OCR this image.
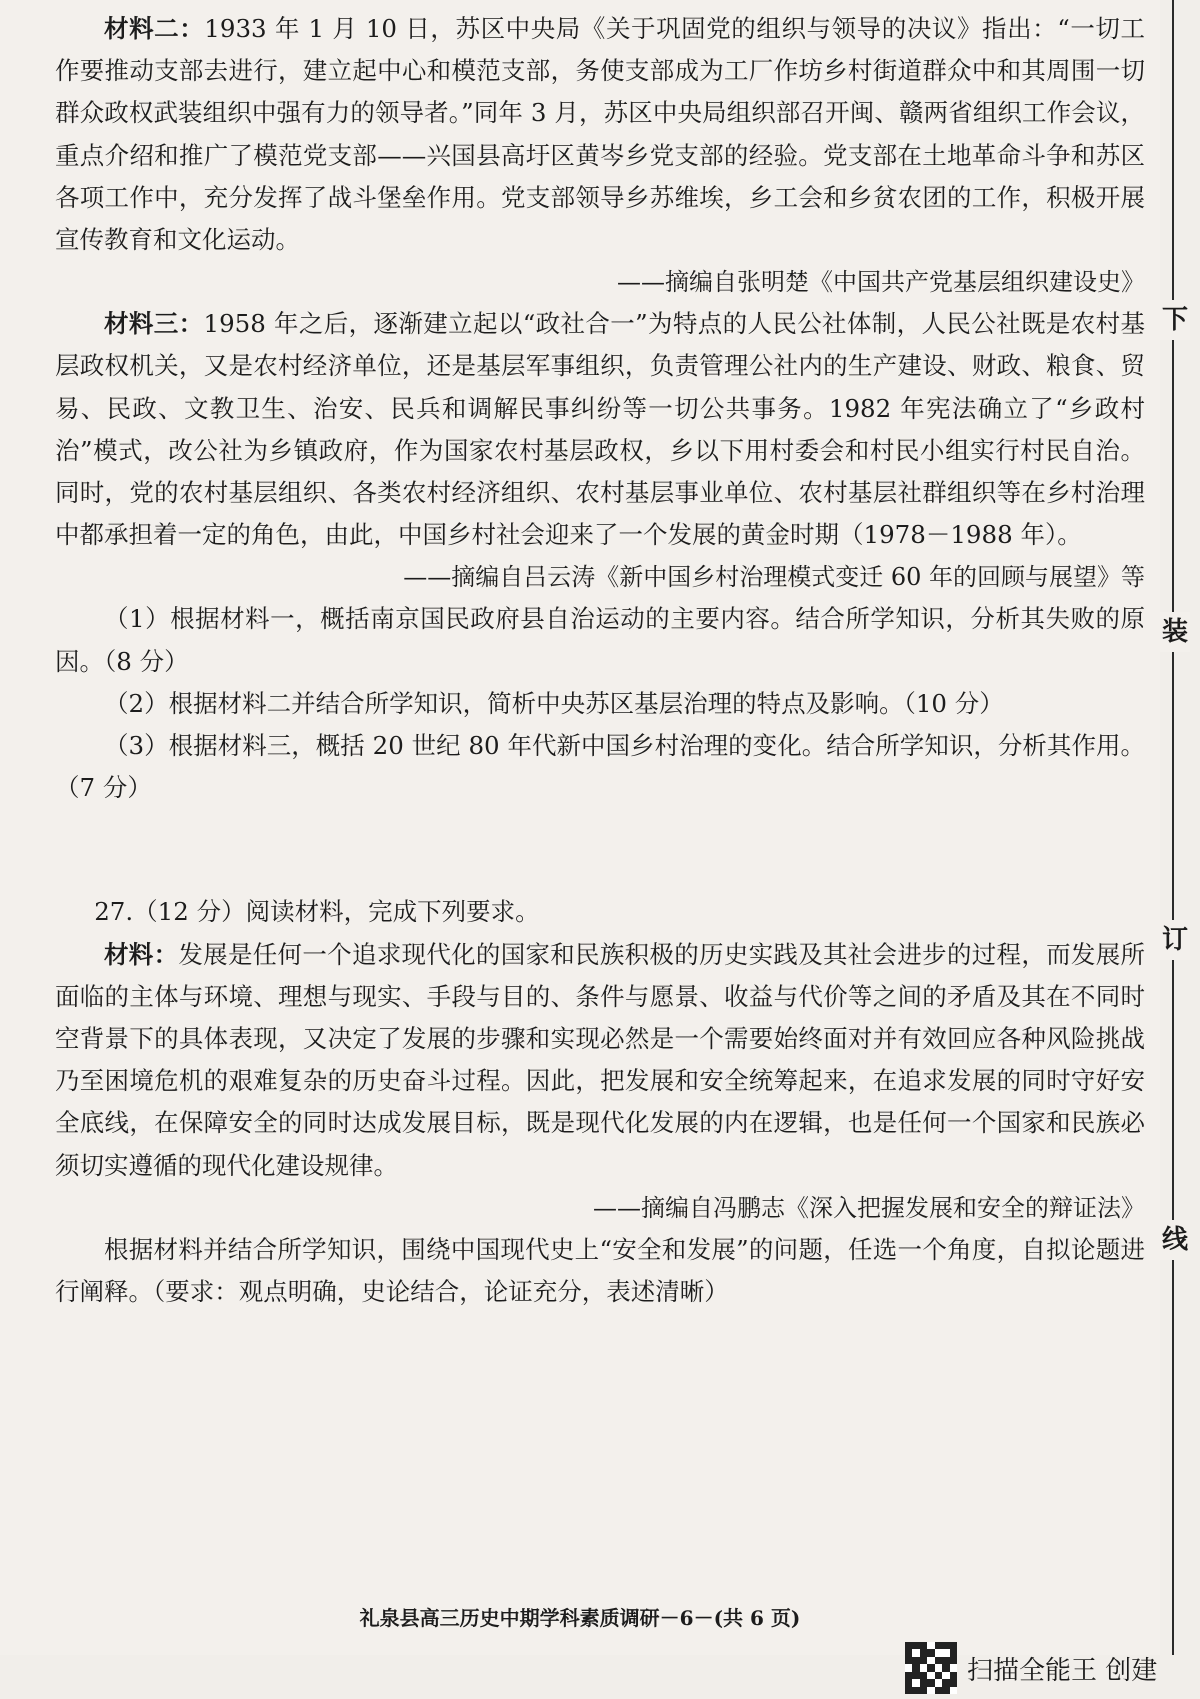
材料二：1933 年 1 月 10 日，苏区中央局《关于巩固党的组织与领导的决议》指出：“一切工作要推动支部去进行，建立起中心和模范支部，务使支部成为工厂作坊乡村街道群众中和其周围一切群众政权武装组织中强有力的领导者。”同年 3 月，苏区中央局组织部召开闽、赣两省组织工作会议，重点介绍和推广了模范党支部——兴国县高圩区黄岑乡党支部的经验。党支部在土地革命斗争和苏区各项工作中，充分发挥了战斗堡垒作用。党支部领导乡苏维埃，乡工会和乡贫农团的工作，积极开展宣传教育和文化运动。

——摘编自张明楚《中国共产党基层组织建设史》

材料三：1958 年之后，逐渐建立起以“政社合一”为特点的人民公社体制，人民公社既是农村基层政权机关，又是农村经济单位，还是基层军事组织，负责管理公社内的生产建设、财政、粮食、贸易、民政、文教卫生、治安、民兵和调解民事纠纷等一切公共事务。1982 年宪法确立了“乡政村治”模式，改公社为乡镇政府，作为国家农村基层政权，乡以下用村委会和村民小组实行村民自治。同时，党的农村基层组织、各类农村经济组织、农村基层事业单位、农村基层社群组织等在乡村治理中都承担着一定的角色，由此，中国乡村社会迎来了一个发展的黄金时期（1978－1988 年）。

——摘编自吕云涛《新中国乡村治理模式变迁 60 年的回顾与展望》等

（1）根据材料一，概括南京国民政府县自治运动的主要内容。结合所学知识，分析其失败的原因。（8 分）

（2）根据材料二并结合所学知识，简析中央苏区基层治理的特点及影响。（10 分）

（3）根据材料三，概括 20 世纪 80 年代新中国乡村治理的变化。结合所学知识，分析其作用。（7 分）

27.（12 分）阅读材料，完成下列要求。

材料：发展是任何一个追求现代化的国家和民族积极的历史实践及其社会进步的过程，而发展所面临的主体与环境、理想与现实、手段与目的、条件与愿景、收益与代价等之间的矛盾及其在不同时空背景下的具体表现，又决定了发展的步骤和实现必然是一个需要始终面对并有效回应各种风险挑战乃至困境危机的艰难复杂的历史奋斗过程。因此，把发展和安全统筹起来，在追求发展的同时守好安全底线，在保障安全的同时达成发展目标，既是现代化发展的内在逻辑，也是任何一个国家和民族必须切实遵循的现代化建设规律。

——摘编自冯鹏志《深入把握发展和安全的辩证法》

根据材料并结合所学知识，围绕中国现代史上“安全和发展”的问题，任选一个角度，自拟论题进行阐释。（要求：观点明确，史论结合，论证充分，表述清晰）

礼泉县高三历史中期学科素质调研－6－(共 6 页)
下
装
订
线
扫描全能王 创建
